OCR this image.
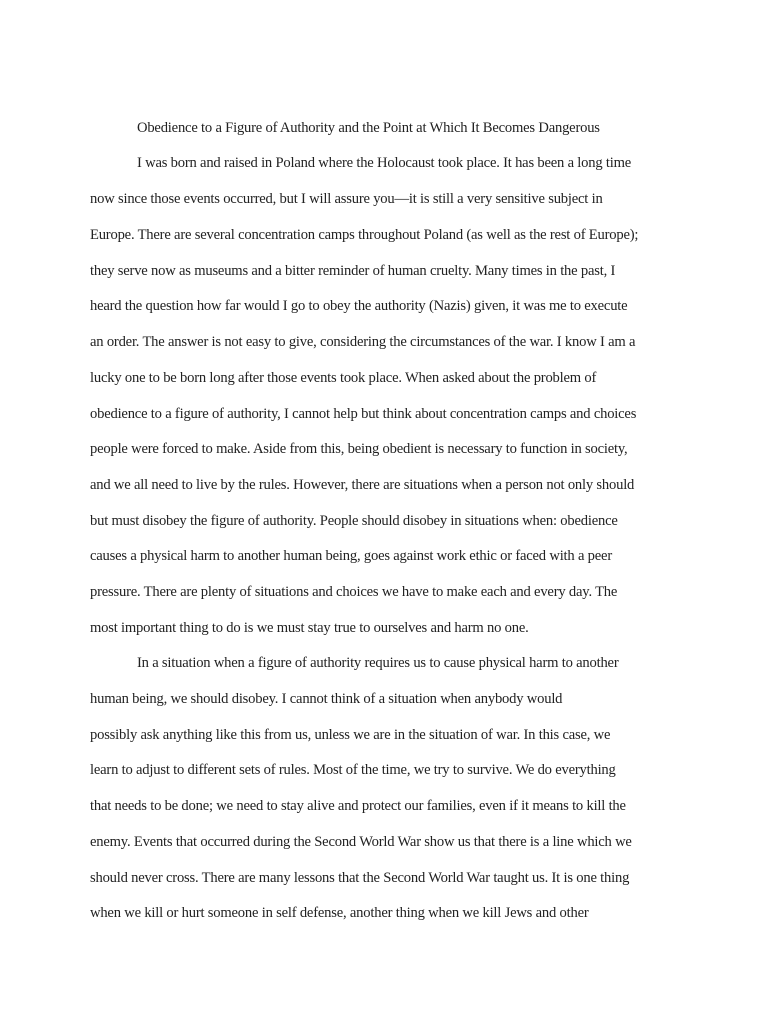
Obedience to a Figure of Authority and the Point at Which It Becomes Dangerous
I was born and raised in Poland where the Holocaust took place. It has been a long time
now since those events occurred, but I will assure you—it is still a very sensitive subject in
Europe. There are several concentration camps throughout Poland (as well as the rest of Europe);
they serve now as museums and a bitter reminder of human cruelty. Many times in the past, I
heard the question how far would I go to obey the authority (Nazis) given, it was me to execute
an order. The answer is not easy to give, considering the circumstances of the war. I know I am a
lucky one to be born long after those events took place. When asked about the problem of
obedience to a figure of authority, I cannot help but think about concentration camps and choices
people were forced to make. Aside from this, being obedient is necessary to function in society,
and we all need to live by the rules. However, there are situations when a person not only should
but must disobey the figure of authority. People should disobey in situations when: obedience
causes a physical harm to another human being, goes against work ethic or faced with a peer
pressure. There are plenty of situations and choices we have to make each and every day. The
most important thing to do is we must stay true to ourselves and harm no one.
In a situation when a figure of authority requires us to cause physical harm to another
human being, we should disobey. I cannot think of a situation when anybody would
possibly ask anything like this from us, unless we are in the situation of war. In this case, we
learn to adjust to different sets of rules. Most of the time, we try to survive. We do everything
that needs to be done; we need to stay alive and protect our families, even if it means to kill the
enemy. Events that occurred during the Second World War show us that there is a line which we
should never cross. There are many lessons that the Second World War taught us. It is one thing
when we kill or hurt someone in self defense, another thing when we kill Jews and other
